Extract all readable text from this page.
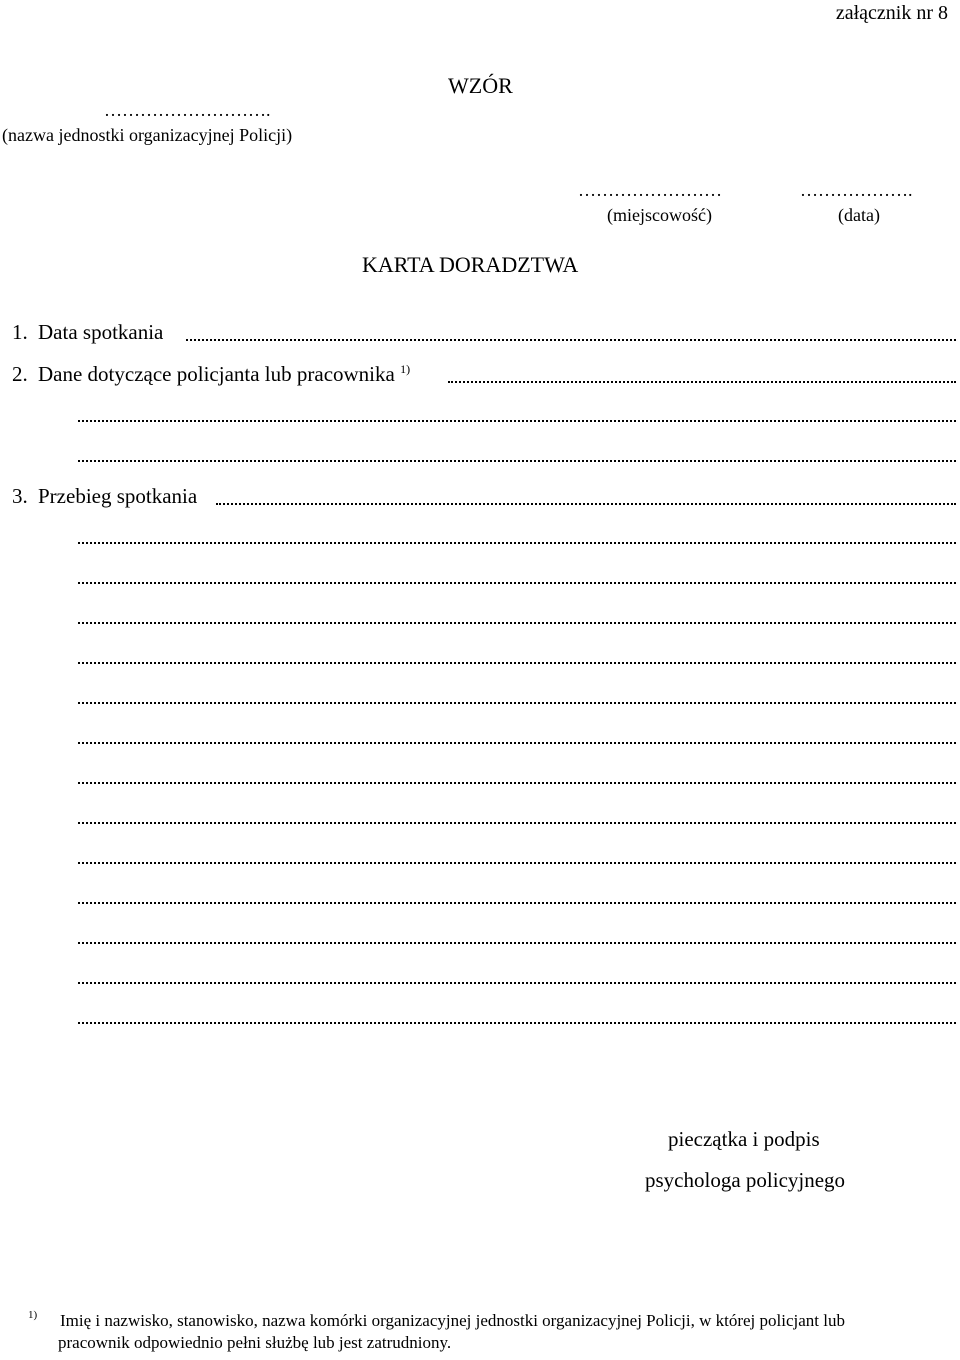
załącznik nr 8
WZÓR
……………………….
(nazwa jednostki organizacyjnej Policji)
……………………	……………….
(miejscowość)	(data)
KARTA DORADZTWA
1. Data spotkania
2. Dane dotyczące policjanta lub pracownika $^{1)}$
3. Przebieg spotkania
pieczątka i podpis
psychologa policyjnego
1)	Imię i nazwisko, stanowisko, nazwa komórki organizacyjnej jednostki organizacyjnej Policji, w której policjant lub
pracownik odpowiednio pełni służbę lub jest zatrudniony.
